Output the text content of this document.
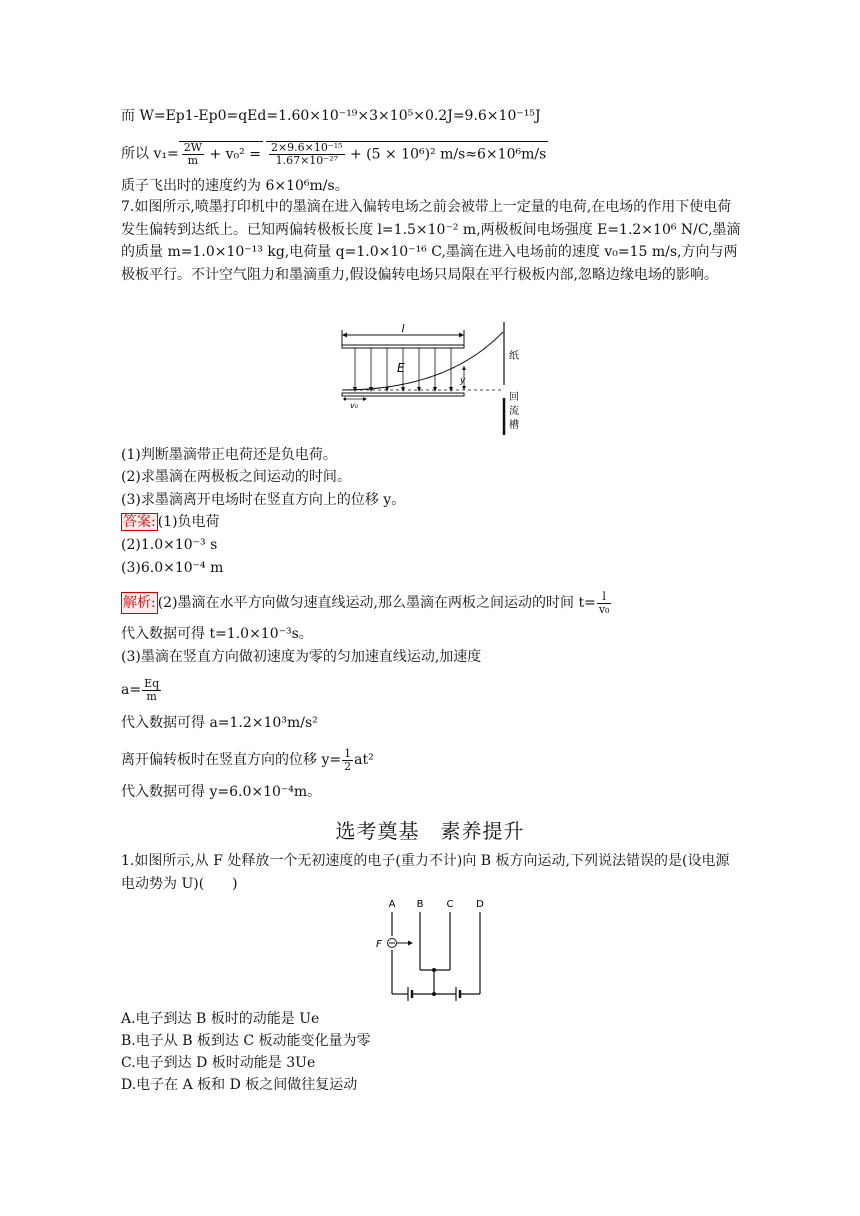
而 W=Ep1-Ep0=qEd=1.60×10⁻¹⁹×3×10⁵×0.2J=9.6×10⁻¹⁵J
所以 $v_1= \frac{2W}{m} + v_0^2 = \frac{\text{2×9.6×10⁻¹⁵}}{\text{1.67×10⁻²⁷}} + (5 \times 10^6)^2$ m/s≈6×10⁶m/s
质子飞出时的速度约为 6×10⁶m/s。
7.如图所示,喷墨打印机中的墨滴在进入偏转电场之前会被带上一定量的电荷,在电场的作用下使电荷发生偏转到达纸上。已知两偏转极板长度 l=1.5×10⁻² m,两极板间电场强度 E=1.2×10⁶ N/C,墨滴的质量 m=1.0×10⁻¹³ kg,电荷量 q=1.0×10⁻¹⁶ C,墨滴在进入电场前的速度 v₀=15 m/s,方向与两极板平行。不计空气阻力和墨滴重力,假设偏转电场只局限在平行极板内部,忽略边缘电场的影响。
l
E
y
v₀
纸
回
流
槽
(1)判断墨滴带正电荷还是负电荷。
(2)求墨滴在两极板之间运动的时间。
(3)求墨滴离开电场时在竖直方向上的位移 y。
答案: (1)负电荷
(2)1.0×10⁻³ s
(3)6.0×10⁻⁴ m
解析: (2)墨滴在水平方向做匀速直线运动,那么墨滴在两板之间运动的时间 $t= \frac{l}{\text{v₀}}$
代入数据可得 t=1.0×10⁻³s。
(3)墨滴在竖直方向做初速度为零的匀加速直线运动,加速度
$a= \frac{Eq}{m}$
代入数据可得 a=1.2×10³m/s²
离开偏转板时在竖直方向的位移 $y= \frac{1}{2} at^2$
代入数据可得 y=6.0×10⁻⁴m。
选考奠基　素养提升
1.如图所示,从 F 处释放一个无初速度的电子(重力不计)向 B 板方向运动,下列说法错误的是(设电源电动势为 U)(　　)
A B C D
F
A.电子到达 B 板时的动能是 Ue
B.电子从 B 板到达 C 板动能变化量为零
C.电子到达 D 板时动能是 3Ue
D.电子在 A 板和 D 板之间做往复运动
